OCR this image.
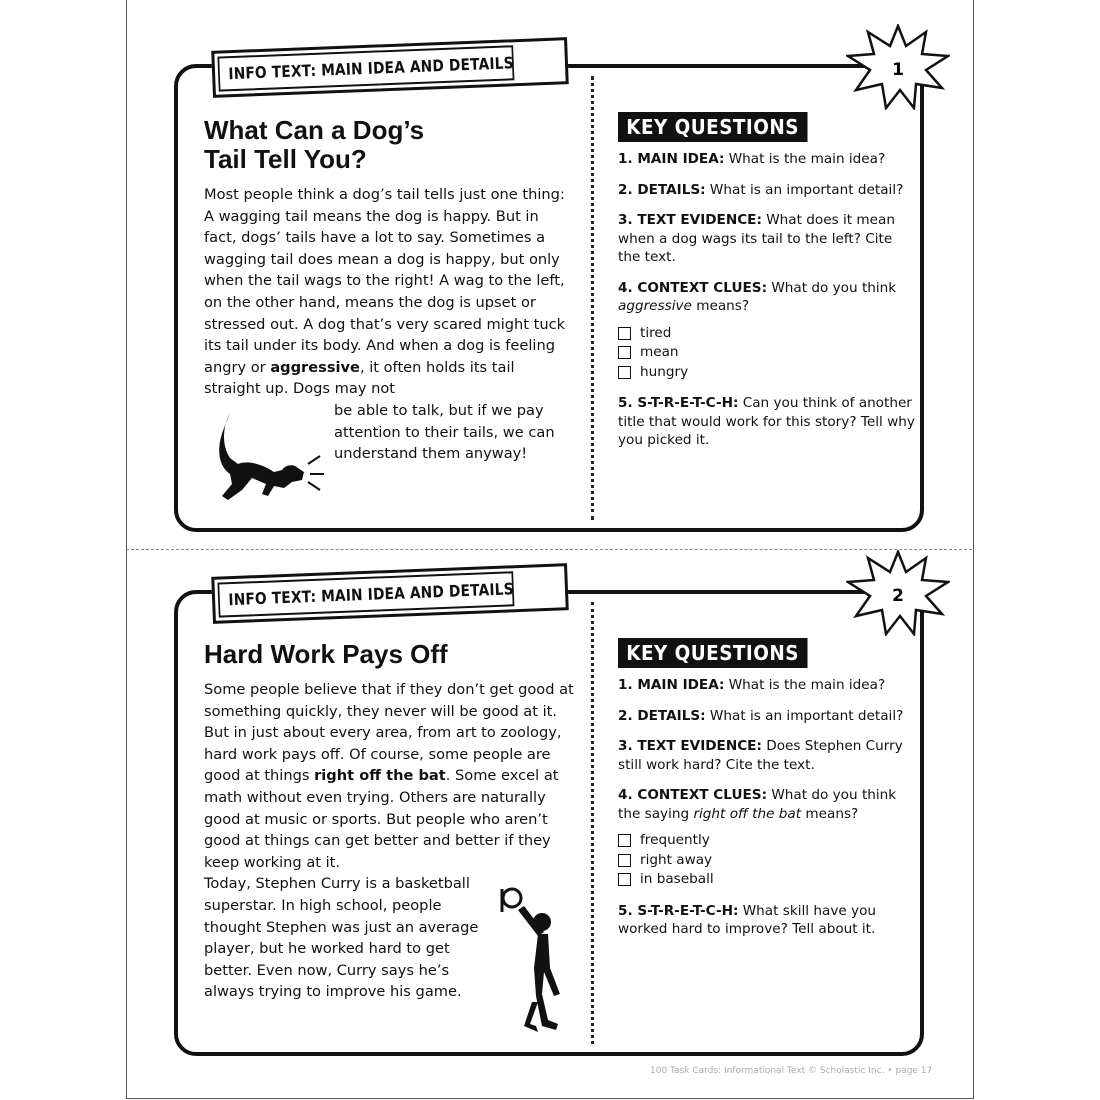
INFO TEXT: MAIN IDEA AND DETAILS	1
What Can a Dog’s
Tail Tell You?
Most people think a dog’s tail tells just one thing: A wagging tail means the dog is happy. But in fact, dogs’ tails have a lot to say. Sometimes a wagging tail does mean a dog is happy, but only when the tail wags to the right! A wag to the left, on the other hand, means the dog is upset or stressed out. A dog that’s very scared might tuck its tail under its body. And when a dog is feeling angry or aggressive, it often holds its tail straight up. Dogs may not
be able to talk, but if we pay attention to their tails, we can understand them anyway!
KEY QUESTIONS
1. MAIN IDEA: What is the main idea?
2. DETAILS: What is an important detail?
3. TEXT EVIDENCE: What does it mean when a dog wags its tail to the left? Cite the text.
4. CONTEXT CLUES: What do you think aggressive means?
tired
mean
hungry
5. S-T-R-E-T-C-H: Can you think of another title that would work for this story? Tell why you picked it.
INFO TEXT: MAIN IDEA AND DETAILS	2
Hard Work Pays Off
Some people believe that if they don’t get good at something quickly, they never will be good at it. But in just about every area, from art to zoology, hard work pays off. Of course, some people are good at things right off the bat. Some excel at math without even trying. Others are naturally good at music or sports. But people who aren’t good at things can get better and better if they keep working at it.
Today, Stephen Curry is a basketball superstar. In high school, people thought Stephen was just an average player, but he worked hard to get better. Even now, Curry says he’s always trying to improve his game.
KEY QUESTIONS
1. MAIN IDEA: What is the main idea?
2. DETAILS: What is an important detail?
3. TEXT EVIDENCE: Does Stephen Curry still work hard? Cite the text.
4. CONTEXT CLUES: What do you think the saying right off the bat means?
frequently
right away
in baseball
5. S-T-R-E-T-C-H: What skill have you worked hard to improve? Tell about it.
100 Task Cards: Informational Text © Scholastic Inc. • page 17
